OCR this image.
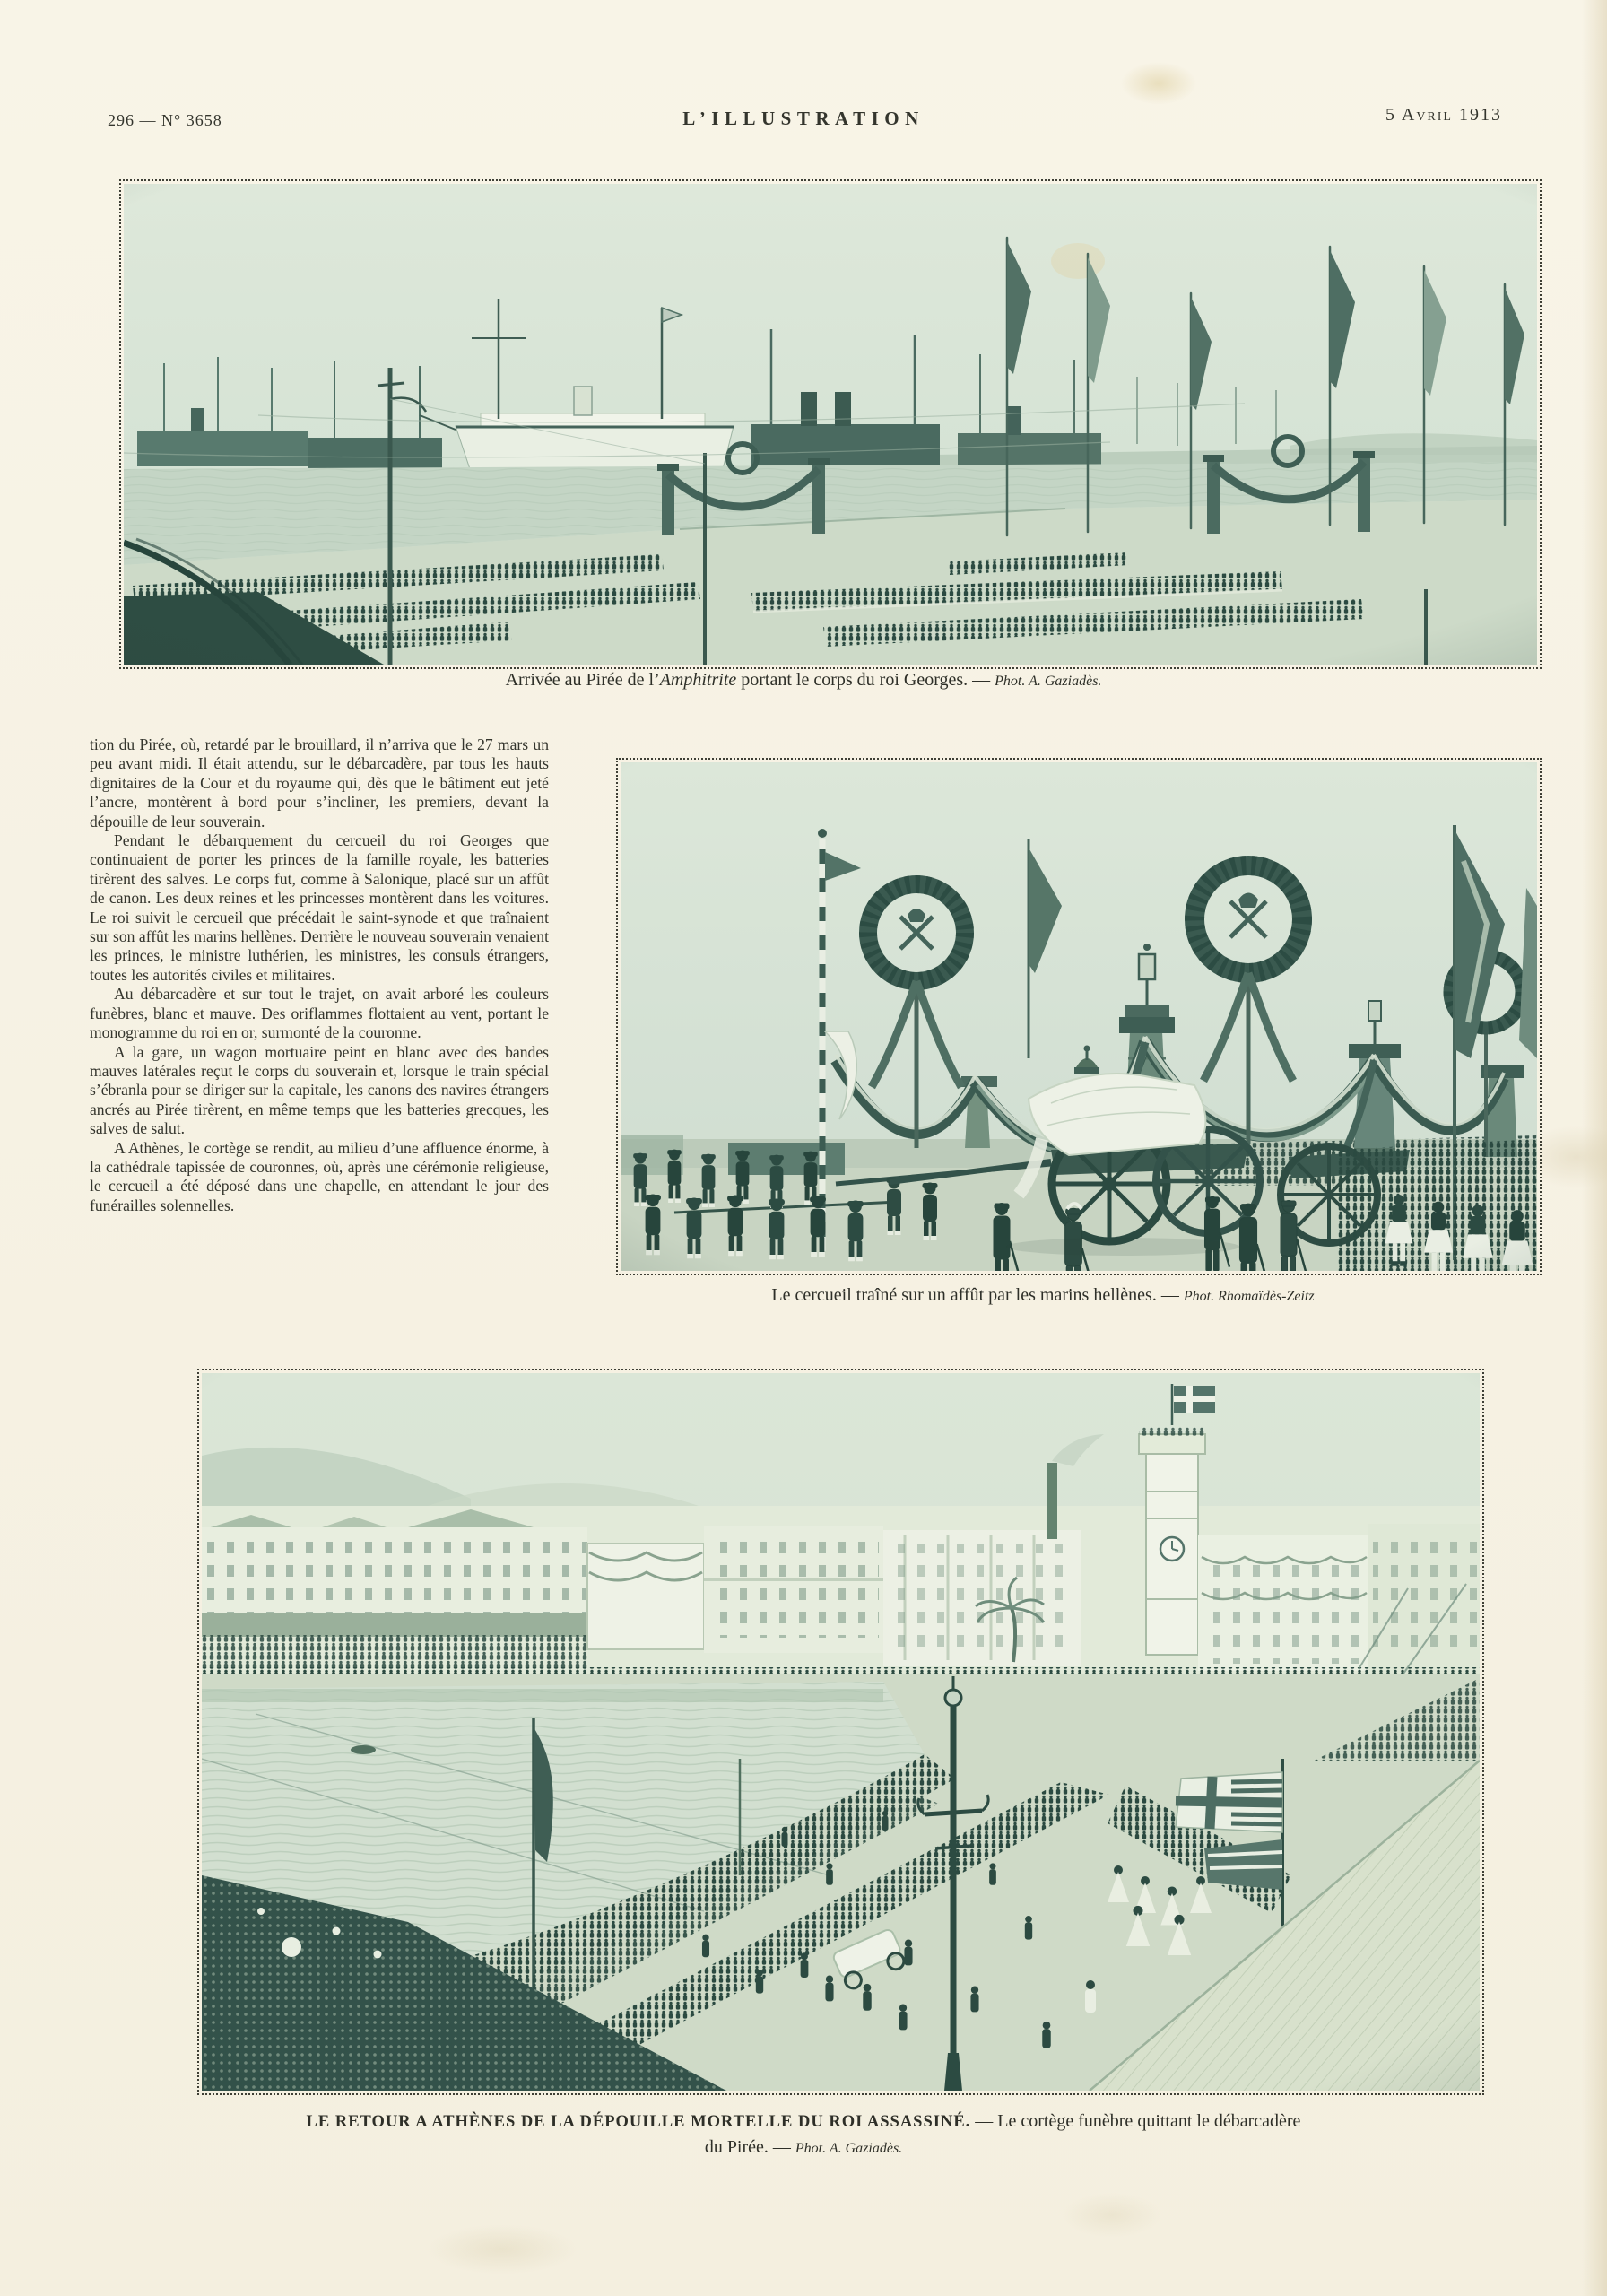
296 — N° 3658	L’ILLUSTRATION	5 Avril 1913
Arrivée au Pirée de l’Amphitrite portant le corps du roi Georges. — Phot. A. Gaziadès.

tion du Pirée, où, retardé par le brouillard, il n’arriva que le 27 mars un peu avant midi. Il était attendu, sur le débarcadère, par tous les hauts dignitaires de la Cour et du royaume qui, dès que le bâtiment eut jeté l’ancre, montèrent à bord pour s’incliner, les premiers, devant la dépouille de leur souverain.

Pendant le débarquement du cercueil du roi Georges que continuaient de porter les princes de la famille royale, les batteries tirèrent des salves. Le corps fut, comme à Salonique, placé sur un affût de canon. Les deux reines et les princesses montèrent dans les voitures. Le roi suivit le cercueil que précédait le saint-synode et que traînaient sur son affût les marins hellènes. Derrière le nouveau souverain venaient les princes, le ministre luthérien, les ministres, les consuls étrangers, toutes les autorités civiles et militaires.

Au débarcadère et sur tout le trajet, on avait arboré les couleurs funèbres, blanc et mauve. Des oriflammes flottaient au vent, portant le monogramme du roi en or, surmonté de la couronne.

A la gare, un wagon mortuaire peint en blanc avec des bandes mauves latérales reçut le corps du souverain et, lorsque le train spécial s’ébranla pour se diriger sur la capitale, les canons des navires étrangers ancrés au Pirée tirèrent, en même temps que les batteries grecques, les salves de salut.

A Athènes, le cortège se rendit, au milieu d’une affluence énorme, à la cathédrale tapissée de couronnes, où, après une cérémonie religieuse, le cercueil a été déposé dans une chapelle, en attendant le jour des funérailles solennelles.

Le cercueil traîné sur un affût par les marins hellènes. — Phot. Rhomaïdès-Zeitz
LE RETOUR A ATHÈNES DE LA DÉPOUILLE MORTELLE DU ROI ASSASSINÉ. — Le cortège funèbre quittant le débarcadère
du Pirée. — Phot. A. Gaziadès.
